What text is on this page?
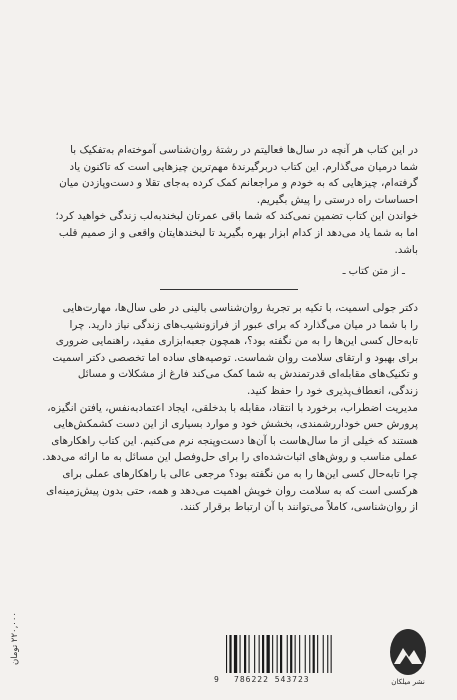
در این کتاب هر آنچه در سال‌ها فعالیتم در رشتۀ روان‌شناسی آموخته‌ام به‌تفکیک با

شما درمیان می‌گذارم. این کتاب دربرگیرندۀ مهم‌ترین چیزهایی است که تاکنون یاد

گرفته‌ام، چیزهایی که به خودم و مراجعانم کمک کرده به‌جای تقلا و دست‌وپازدن میان

احساسات راه درستی را پیش بگیریم.

خواندن این کتاب تضمین نمی‌کند که شما باقی عمرتان لبخندبه‌لب زندگی خواهید کرد؛

اما به شما یاد می‌دهد از کدام ابزار بهره بگیرید تا لبخندهایتان واقعی و از صمیم قلب

باشد.

ـ از متن کتاب ـ

دکتر جولی اسمیت، با تکیه بر تجربۀ روان‌شناسی بالینی در طی سال‌ها، مهارت‌هایی

را با شما در میان می‌گذارد که برای عبور از فرازونشیب‌های زندگی نیاز دارید. چرا

تابه‌حال کسی این‌ها را به من نگفته بود؟، همچون جعبه‌ابزاری مفید، راهنمایی ضروری

برای بهبود و ارتقای سلامت روان شماست. توصیه‌های ساده اما تخصصی دکتر اسمیت

و تکنیک‌های مقابله‌ای قدرتمندش به شما کمک می‌کند فارغ از مشکلات و مسائل

زندگی، انعطاف‌پذیری خود را حفظ کنید.

مدیریت اضطراب، برخورد با انتقاد، مقابله با بدخلقی، ایجاد اعتمادبه‌نفس، یافتن انگیزه،

پرورش حس خوداررشمندی، بخشش خود و موارد بسیاری از این دست کشمکش‌هایی

هستند که خیلی از ما سال‌هاست با آن‌ها دست‌وپنجه نرم می‌کنیم. این کتاب راهکارهای

عملی مناسب و روش‌های اثبات‌شده‌ای را برای حل‌وفصل این مسائل به ما ارائه می‌دهد.

چرا تابه‌حال کسی این‌ها را به من نگفته بود؟ مرجعی عالی با راهکارهای عملی برای

هرکسی است که به سلامت روان خویش اهمیت می‌دهد و همه، حتی بدون پیش‌زمینه‌ای

از روان‌شناسی، کاملاً می‌توانند با آن ارتباط برقرار کنند.

۲۲۰,۰۰۰ تومان
9 786222 543723	نشر میلکان
